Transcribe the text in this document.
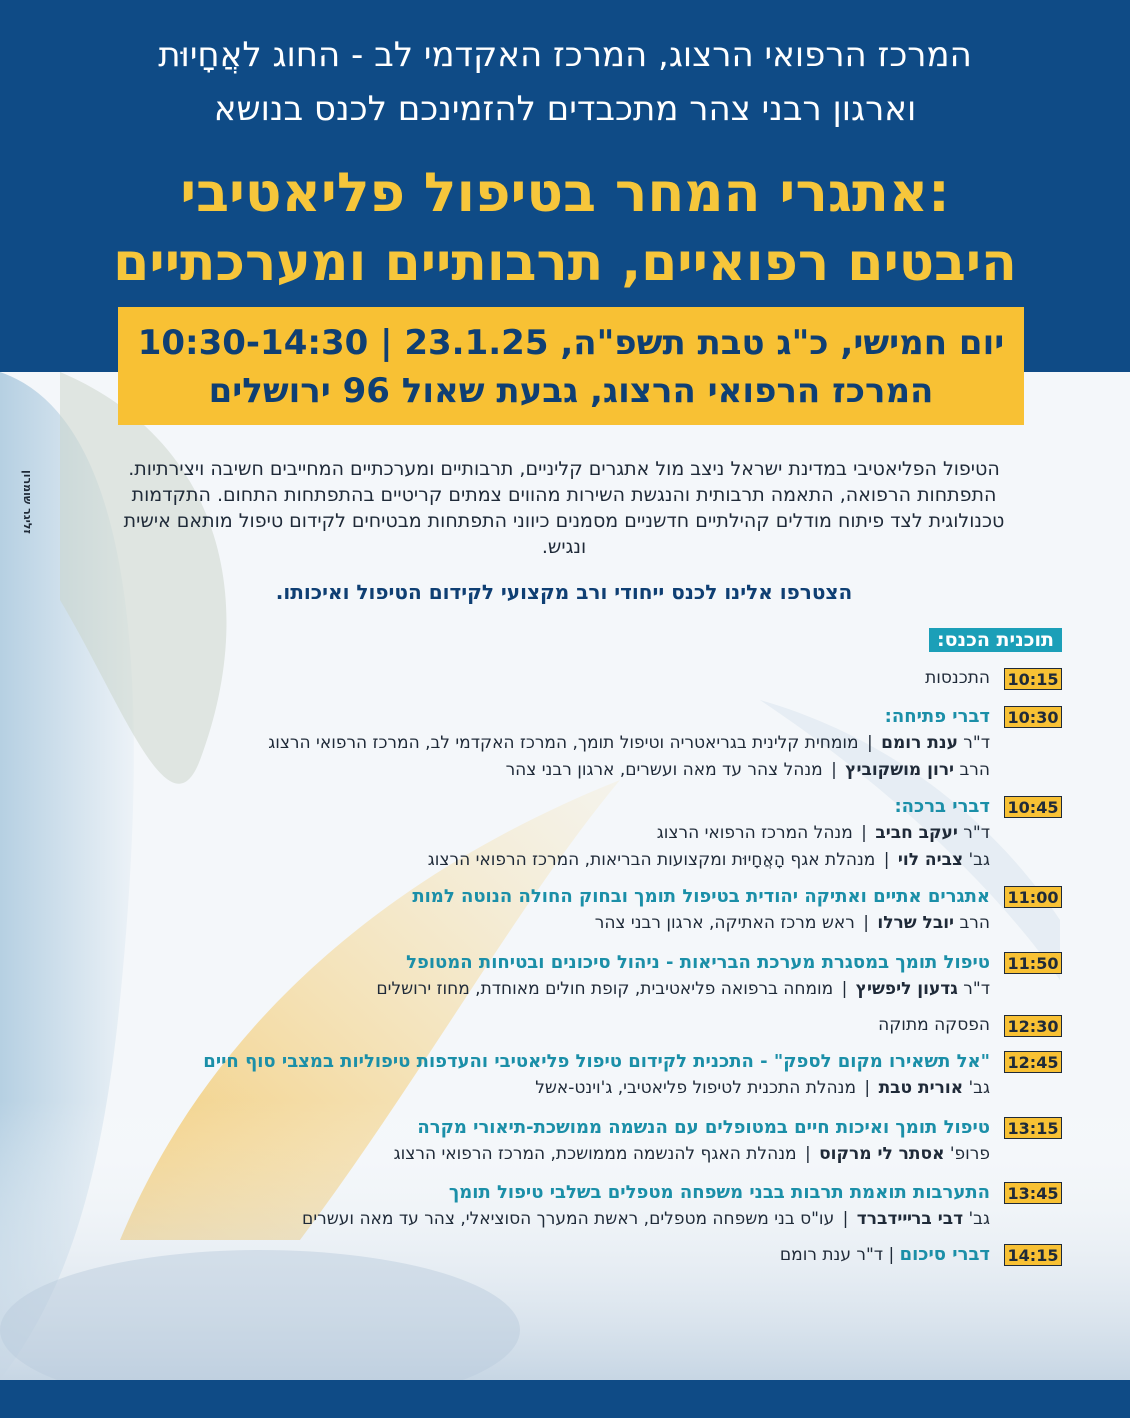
המרכז הרפואי הרצוג, המרכז האקדמי לב - החוג לאֲחָיוּת
וארגון רבני צהר מתכבדים להזמינכם לכנס בנושא
אתגרי המחר בטיפול פליאטיבי:
היבטים רפואיים, תרבותיים ומערכתיים
יום חמישי, כ"ג טבת תשפ"ה, 23.1.25 | 10:30-14:30
המרכז הרפואי הרצוג, גבעת שאול 96 ירושלים
הטיפול הפליאטיבי במדינת ישראל ניצב מול אתגרים קליניים, תרבותיים ומערכתיים המחייבים חשיבה ויצירתיות. התפתחות הרפואה, התאמה תרבותית והנגשת השירות מהווים צמתים קריטיים בהתפתחות התחום. התקדמות טכנולוגית לצד פיתוח מודלים קהילתיים חדשניים מסמנים כיווני התפתחות מבטיחים לקידום טיפול מותאם אישית ונגיש.
הצטרפו אלינו לכנס ייחודי ורב מקצועי לקידום הטיפול ואיכותו.
זליגר שומרון
תוכנית הכנס:
10:15
התכנסות
10:30
דברי פתיחה:
ד"ר ענת רומם | מומחית קלינית בגריאטריה וטיפול תומך, המרכז האקדמי לב, המרכז הרפואי הרצוג
הרב ירון מושקוביץ | מנהל צהר עד מאה ועשרים, ארגון רבני צהר
10:45
דברי ברכה:
ד"ר יעקב חביב | מנהל המרכז הרפואי הרצוג
גב' צביה לוי | מנהלת אגף הָאֲחָיוּת ומקצועות הבריאות, המרכז הרפואי הרצוג
11:00
אתגרים אתיים ואתיקה יהודית בטיפול תומך ובחוק החולה הנוטה למות
הרב יובל שרלו | ראש מרכז האתיקה, ארגון רבני צהר
11:50
טיפול תומך במסגרת מערכת הבריאות - ניהול סיכונים ובטיחות המטופל
ד"ר גדעון ליפשיץ | מומחה ברפואה פליאטיבית, קופת חולים מאוחדת, מחוז ירושלים
12:30
הפסקה מתוקה
12:45
"אל תשאירו מקום לספק" - התכנית לקידום טיפול פליאטיבי והעדפות טיפוליות במצבי סוף חיים
גב' אורית טבת | מנהלת התכנית לטיפול פליאטיבי, ג'וינט-אשל
13:15
טיפול תומך ואיכות חיים במטופלים עם הנשמה ממושכת-תיאורי מקרה
פרופ' אסתר לי מרקוס | מנהלת האגף להנשמה מממושכת, המרכז הרפואי הרצוג
13:45
התערבות תואמת תרבות בבני משפחה מטפלים בשלבי טיפול תומך
גב' דבי ברײידברד | עו"ס בני משפחה מטפלים, ראשת המערך הסוציאלי, צהר עד מאה ועשרים
14:15
דברי סיכום | ד"ר ענת רומם
